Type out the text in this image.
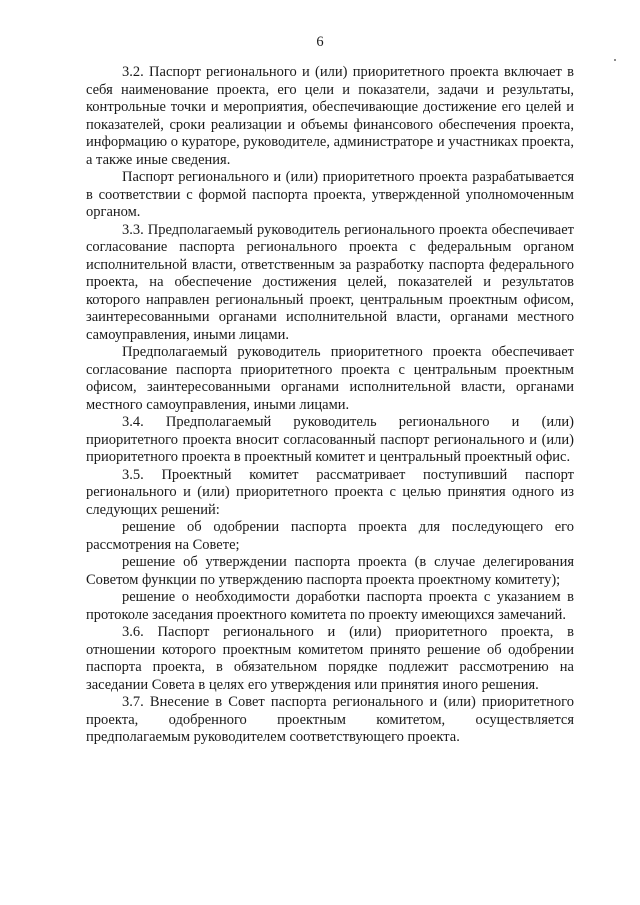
6

3.2. Паспорт регионального и (или) приоритетного проекта включает в себя наименование проекта, его цели и показатели, задачи и результаты, контрольные точки и мероприятия, обеспечивающие достижение его целей и показателей, сроки реализации и объемы финансового обеспечения проекта, информацию о кураторе, руководителе, администраторе и участниках проекта, а также иные сведения.

Паспорт регионального и (или) приоритетного проекта разрабатывается в соответствии с формой паспорта проекта, утвержденной уполномоченным органом.

3.3. Предполагаемый руководитель регионального проекта обеспечивает согласование паспорта регионального проекта с федеральным органом исполнительной власти, ответственным за разработку паспорта федерального проекта, на обеспечение достижения целей, показателей и результатов которого направлен региональный проект, центральным проектным офисом, заинтересованными органами исполнительной власти, органами местного самоуправления, иными лицами.

Предполагаемый руководитель приоритетного проекта обеспечивает согласование паспорта приоритетного проекта с центральным проектным офисом, заинтересованными органами исполнительной власти, органами местного самоуправления, иными лицами.

3.4. Предполагаемый руководитель регионального и (или) приоритетного проекта вносит согласованный паспорт регионального и (или) приоритетного проекта в проектный комитет и центральный проектный офис.

3.5. Проектный комитет рассматривает поступивший паспорт регионального и (или) приоритетного проекта с целью принятия одного из следующих решений:

решение об одобрении паспорта проекта для последующего его рассмотрения на Совете;

решение об утверждении паспорта проекта (в случае делегирования Советом функции по утверждению паспорта проекта проектному комитету);

решение о необходимости доработки паспорта проекта с указанием в протоколе заседания проектного комитета по проекту имеющихся замечаний.

3.6. Паспорт регионального и (или) приоритетного проекта, в отношении которого проектным комитетом принято решение об одобрении паспорта проекта, в обязательном порядке подлежит рассмотрению на заседании Совета в целях его утверждения или принятия иного решения.

3.7. Внесение в Совет паспорта регионального и (или) приоритетного проекта, одобренного проектным комитетом, осуществляется предполагаемым руководителем соответствующего проекта.
